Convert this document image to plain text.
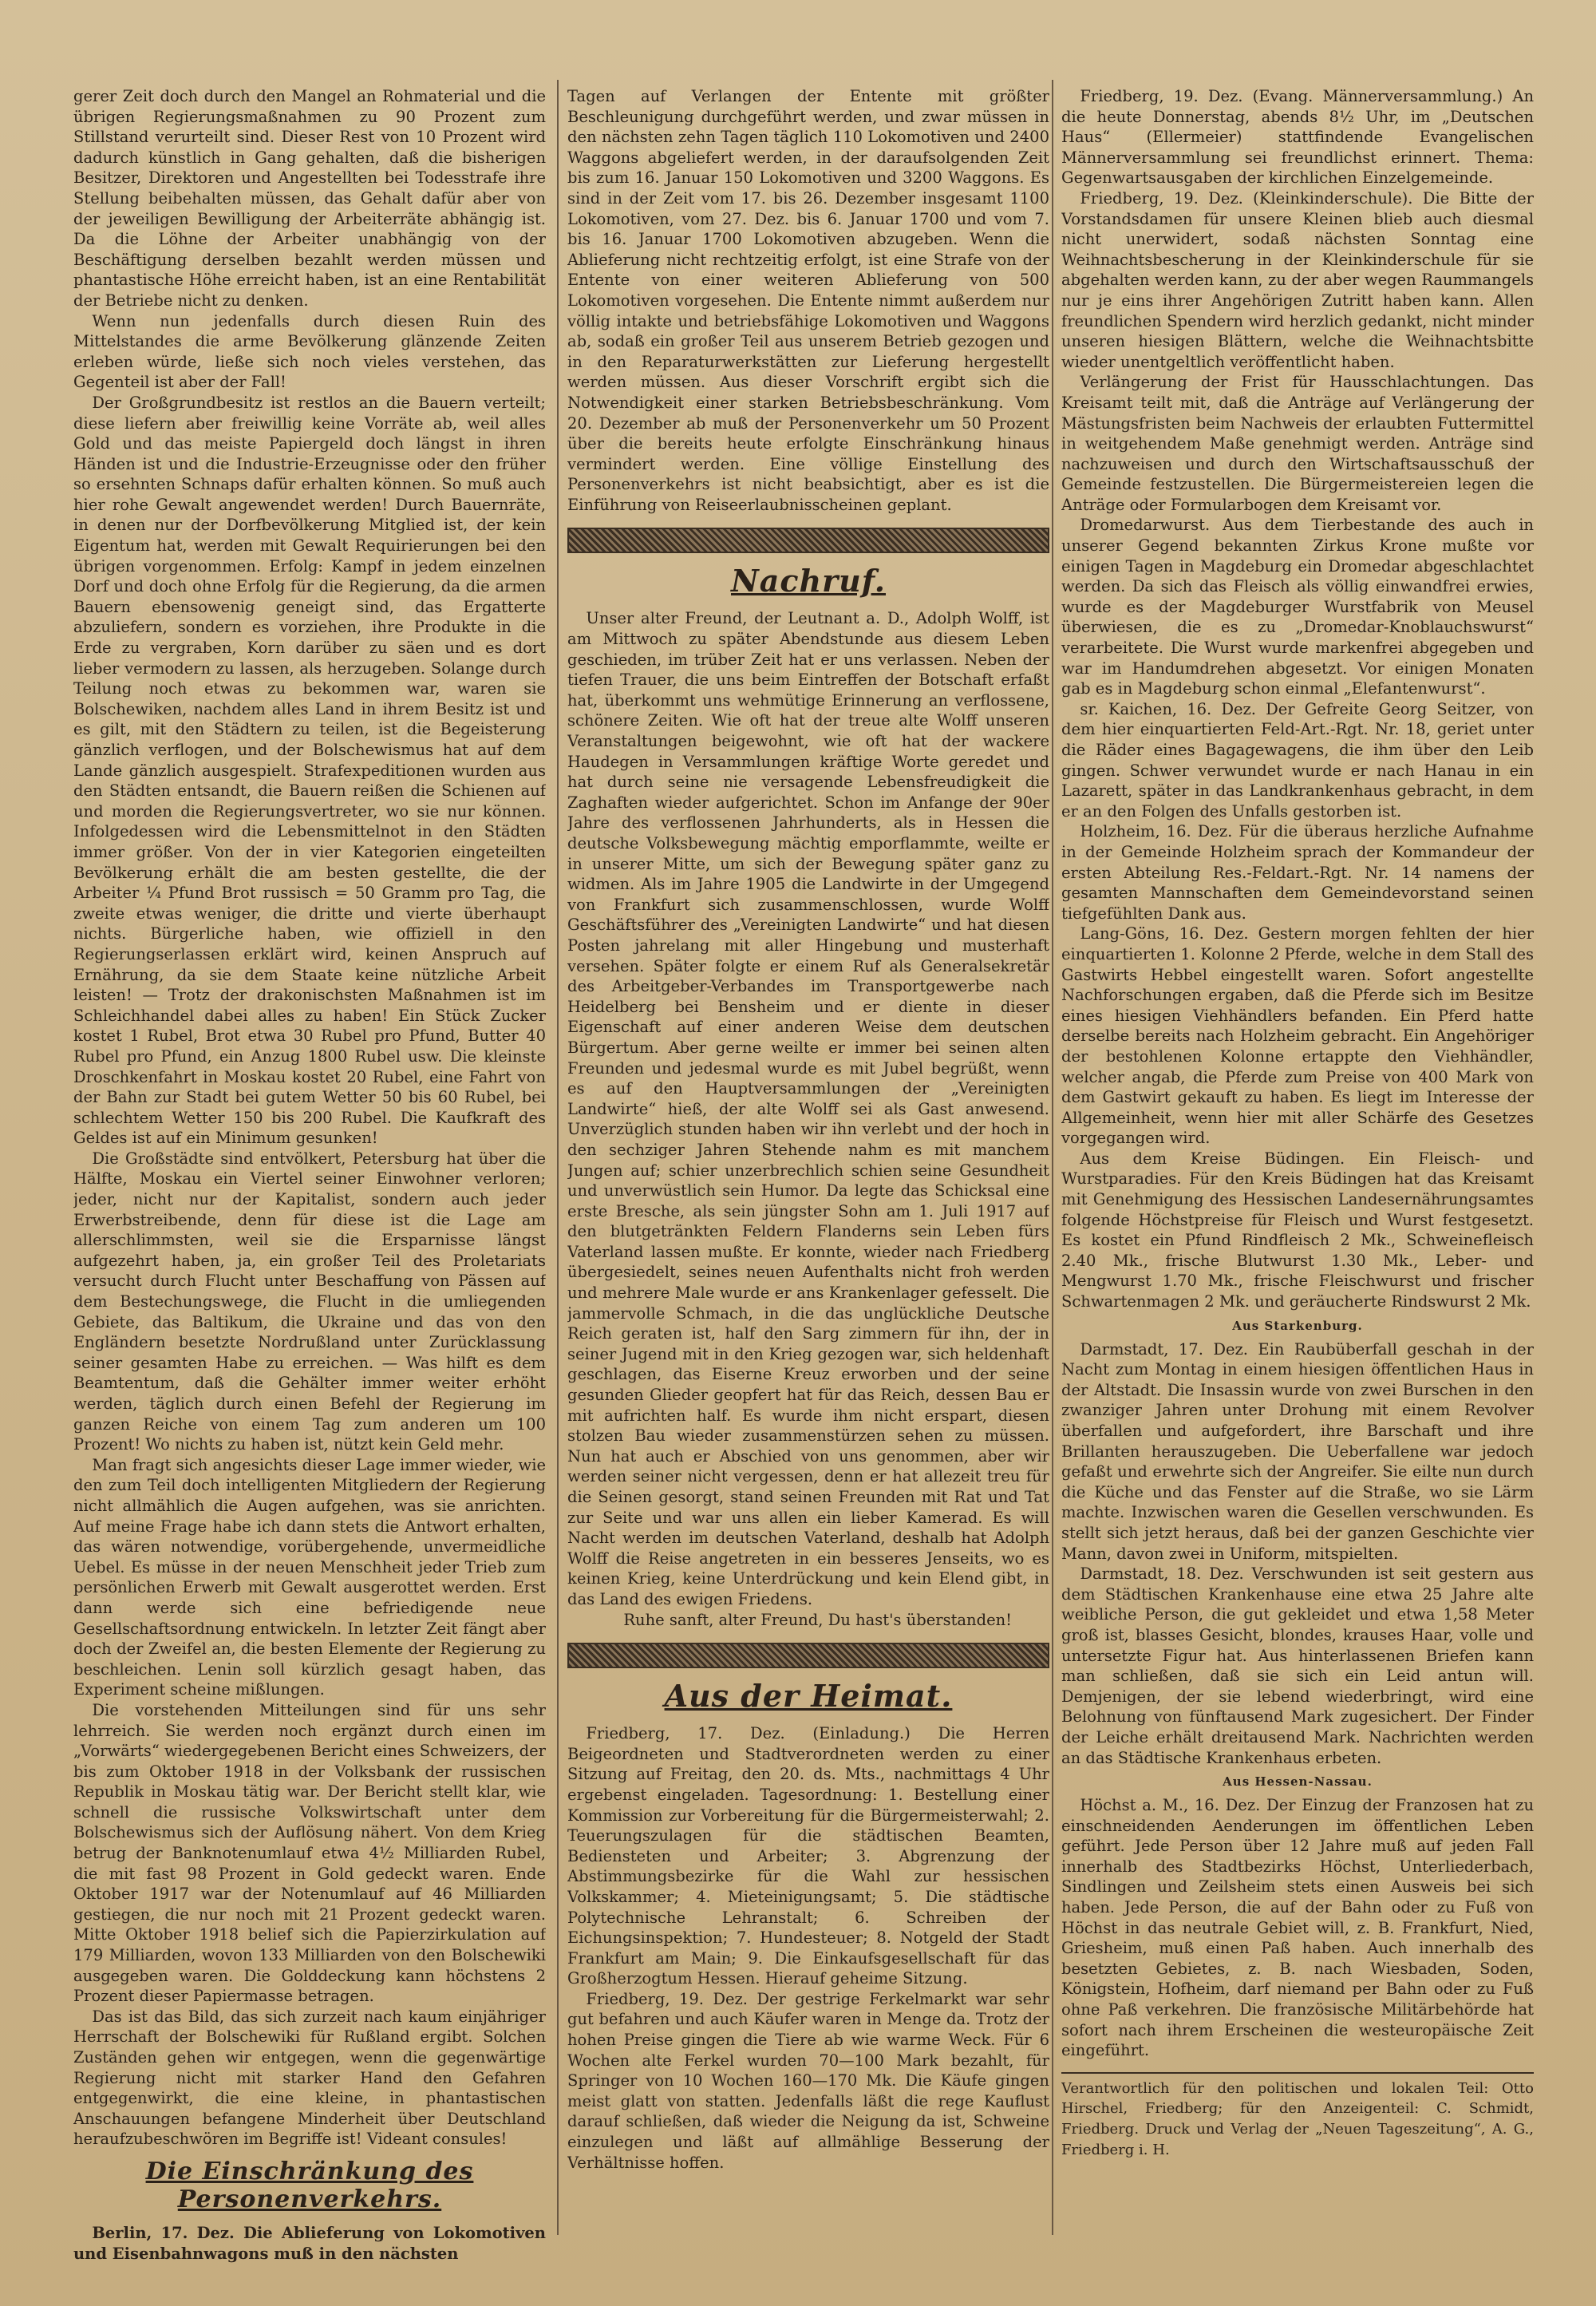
gerer Zeit doch durch den Mangel an Rohmaterial und die übrigen Regierungsmaßnahmen zu 90 Prozent zum Stillstand verurteilt sind. Dieser Rest von 10 Prozent wird dadurch künstlich in Gang gehalten, daß die bisherigen Besitzer, Direktoren und Angestellten bei Todesstrafe ihre Stellung beibehalten müssen, das Gehalt dafür aber von der jeweiligen Bewilligung der Arbeiterräte abhängig ist. Da die Löhne der Arbeiter unabhängig von der Beschäftigung derselben bezahlt werden müssen und phantastische Höhe erreicht haben, ist an eine Rentabilität der Betriebe nicht zu denken.

Wenn nun jedenfalls durch diesen Ruin des Mittelstandes die arme Bevölkerung glänzende Zeiten erleben würde, ließe sich noch vieles verstehen, das Gegenteil ist aber der Fall!

Der Großgrundbesitz ist restlos an die Bauern verteilt; diese liefern aber freiwillig keine Vorräte ab, weil alles Gold und das meiste Papiergeld doch längst in ihren Händen ist und die Industrie-Erzeugnisse oder den früher so ersehnten Schnaps dafür erhalten können. So muß auch hier rohe Gewalt angewendet werden! Durch Bauernräte, in denen nur der Dorfbevölkerung Mitglied ist, der kein Eigentum hat, werden mit Gewalt Requirierungen bei den übrigen vorgenommen. Erfolg: Kampf in jedem einzelnen Dorf und doch ohne Erfolg für die Regierung, da die armen Bauern ebensowenig geneigt sind, das Ergatterte abzuliefern, sondern es vorziehen, ihre Produkte in die Erde zu vergraben, Korn darüber zu säen und es dort lieber vermodern zu lassen, als herzugeben. Solange durch Teilung noch etwas zu bekommen war, waren sie Bolschewiken, nachdem alles Land in ihrem Besitz ist und es gilt, mit den Städtern zu teilen, ist die Begeisterung gänzlich verflogen, und der Bolschewismus hat auf dem Lande gänzlich ausgespielt. Strafexpeditionen wurden aus den Städten entsandt, die Bauern reißen die Schienen auf und morden die Regierungsvertreter, wo sie nur können. Infolgedessen wird die Lebensmittelnot in den Städten immer größer. Von der in vier Kategorien eingeteilten Bevölkerung erhält die am besten gestellte, die der Arbeiter ¼ Pfund Brot russisch = 50 Gramm pro Tag, die zweite etwas weniger, die dritte und vierte überhaupt nichts. Bürgerliche haben, wie offiziell in den Regierungserlassen erklärt wird, keinen Anspruch auf Ernährung, da sie dem Staate keine nützliche Arbeit leisten! — Trotz der drakonischsten Maßnahmen ist im Schleichhandel dabei alles zu haben! Ein Stück Zucker kostet 1 Rubel, Brot etwa 30 Rubel pro Pfund, Butter 40 Rubel pro Pfund, ein Anzug 1800 Rubel usw. Die kleinste Droschkenfahrt in Moskau kostet 20 Rubel, eine Fahrt von der Bahn zur Stadt bei gutem Wetter 50 bis 60 Rubel, bei schlechtem Wetter 150 bis 200 Rubel. Die Kaufkraft des Geldes ist auf ein Minimum gesunken!

Die Großstädte sind entvölkert, Petersburg hat über die Hälfte, Moskau ein Viertel seiner Einwohner verloren; jeder, nicht nur der Kapitalist, sondern auch jeder Erwerbstreibende, denn für diese ist die Lage am allerschlimmsten, weil sie die Ersparnisse längst aufgezehrt haben, ja, ein großer Teil des Proletariats versucht durch Flucht unter Beschaffung von Pässen auf dem Bestechungswege, die Flucht in die umliegenden Gebiete, das Baltikum, die Ukraine und das von den Engländern besetzte Nordrußland unter Zurücklassung seiner gesamten Habe zu erreichen. — Was hilft es dem Beamtentum, daß die Gehälter immer weiter erhöht werden, täglich durch einen Befehl der Regierung im ganzen Reiche von einem Tag zum anderen um 100 Prozent! Wo nichts zu haben ist, nützt kein Geld mehr.

Man fragt sich angesichts dieser Lage immer wieder, wie den zum Teil doch intelligenten Mitgliedern der Regierung nicht allmählich die Augen aufgehen, was sie anrichten. Auf meine Frage habe ich dann stets die Antwort erhalten, das wären notwendige, vorübergehende, unvermeidliche Uebel. Es müsse in der neuen Menschheit jeder Trieb zum persönlichen Erwerb mit Gewalt ausgerottet werden. Erst dann werde sich eine befriedigende neue Gesellschaftsordnung entwickeln. In letzter Zeit fängt aber doch der Zweifel an, die besten Elemente der Regierung zu beschleichen. Lenin soll kürzlich gesagt haben, das Experiment scheine mißlungen.

Die vorstehenden Mitteilungen sind für uns sehr lehrreich. Sie werden noch ergänzt durch einen im „Vorwärts“ wiedergegebenen Bericht eines Schweizers, der bis zum Oktober 1918 in der Volksbank der russischen Republik in Moskau tätig war. Der Bericht stellt klar, wie schnell die russische Volkswirtschaft unter dem Bolschewismus sich der Auflösung nähert. Von dem Krieg betrug der Banknotenumlauf etwa 4½ Milliarden Rubel, die mit fast 98 Prozent in Gold gedeckt waren. Ende Oktober 1917 war der Notenumlauf auf 46 Milliarden gestiegen, die nur noch mit 21 Prozent gedeckt waren. Mitte Oktober 1918 belief sich die Papierzirkulation auf 179 Milliarden, wovon 133 Milliarden von den Bolschewiki ausgegeben waren. Die Golddeckung kann höchstens 2 Prozent dieser Papiermasse betragen.

Das ist das Bild, das sich zurzeit nach kaum einjähriger Herrschaft der Bolschewiki für Rußland ergibt. Solchen Zuständen gehen wir entgegen, wenn die gegenwärtige Regierung nicht mit starker Hand den Gefahren entgegenwirkt, die eine kleine, in phantastischen Anschauungen befangene Minderheit über Deutschland heraufzubeschwören im Begriffe ist! Videant consules!

Die Einschränkung des Personenverkehrs.

Berlin, 17. Dez. Die Ablieferung von Lokomotiven und Eisenbahnwagons muß in den nächsten

Tagen auf Verlangen der Entente mit größter Beschleunigung durchgeführt werden, und zwar müssen in den nächsten zehn Tagen täglich 110 Lokomotiven und 2400 Waggons abgeliefert werden, in der daraufsolgenden Zeit bis zum 16. Januar 150 Lokomotiven und 3200 Waggons. Es sind in der Zeit vom 17. bis 26. Dezember insgesamt 1100 Lokomotiven, vom 27. Dez. bis 6. Januar 1700 und vom 7. bis 16. Januar 1700 Lokomotiven abzugeben. Wenn die Ablieferung nicht rechtzeitig erfolgt, ist eine Strafe von der Entente von einer weiteren Ablieferung von 500 Lokomotiven vorgesehen. Die Entente nimmt außerdem nur völlig intakte und betriebsfähige Lokomotiven und Waggons ab, sodaß ein großer Teil aus unserem Betrieb gezogen und in den Reparaturwerkstätten zur Lieferung hergestellt werden müssen. Aus dieser Vorschrift ergibt sich die Notwendigkeit einer starken Betriebsbeschränkung. Vom 20. Dezember ab muß der Personenverkehr um 50 Prozent über die bereits heute erfolgte Einschränkung hinaus vermindert werden. Eine völlige Einstellung des Personenverkehrs ist nicht beabsichtigt, aber es ist die Einführung von Reiseerlaubnisscheinen geplant.

Nachruf.

Unser alter Freund, der Leutnant a. D., Adolph Wolff, ist am Mittwoch zu später Abendstunde aus diesem Leben geschieden, im trüber Zeit hat er uns verlassen. Neben der tiefen Trauer, die uns beim Eintreffen der Botschaft erfaßt hat, überkommt uns wehmütige Erinnerung an verflossene, schönere Zeiten. Wie oft hat der treue alte Wolff unseren Veranstaltungen beigewohnt, wie oft hat der wackere Haudegen in Versammlungen kräftige Worte geredet und hat durch seine nie versagende Lebensfreudigkeit die Zaghaften wieder aufgerichtet. Schon im Anfange der 90er Jahre des verflossenen Jahrhunderts, als in Hessen die deutsche Volksbewegung mächtig emporflammte, weilte er in unserer Mitte, um sich der Bewegung später ganz zu widmen. Als im Jahre 1905 die Landwirte in der Umgegend von Frankfurt sich zusammenschlossen, wurde Wolff Geschäftsführer des „Vereinigten Landwirte“ und hat diesen Posten jahrelang mit aller Hingebung und musterhaft versehen. Später folgte er einem Ruf als Generalsekretär des Arbeitgeber-Verbandes im Transportgewerbe nach Heidelberg bei Bensheim und er diente in dieser Eigenschaft auf einer anderen Weise dem deutschen Bürgertum. Aber gerne weilte er immer bei seinen alten Freunden und jedesmal wurde es mit Jubel begrüßt, wenn es auf den Hauptversammlungen der „Vereinigten Landwirte“ hieß, der alte Wolff sei als Gast anwesend. Unverzüglich stunden haben wir ihn verlebt und der hoch in den sechziger Jahren Stehende nahm es mit manchem Jungen auf; schier unzerbrechlich schien seine Gesundheit und unverwüstlich sein Humor. Da legte das Schicksal eine erste Bresche, als sein jüngster Sohn am 1. Juli 1917 auf den blutgetränkten Feldern Flanderns sein Leben fürs Vaterland lassen mußte. Er konnte, wieder nach Friedberg übergesiedelt, seines neuen Aufenthalts nicht froh werden und mehrere Male wurde er ans Krankenlager gefesselt. Die jammervolle Schmach, in die das unglückliche Deutsche Reich geraten ist, half den Sarg zimmern für ihn, der in seiner Jugend mit in den Krieg gezogen war, sich heldenhaft geschlagen, das Eiserne Kreuz erworben und der seine gesunden Glieder geopfert hat für das Reich, dessen Bau er mit aufrichten half. Es wurde ihm nicht erspart, diesen stolzen Bau wieder zusammenstürzen sehen zu müssen. Nun hat auch er Abschied von uns genommen, aber wir werden seiner nicht vergessen, denn er hat allezeit treu für die Seinen gesorgt, stand seinen Freunden mit Rat und Tat zur Seite und war uns allen ein lieber Kamerad. Es will Nacht werden im deutschen Vaterland, deshalb hat Adolph Wolff die Reise angetreten in ein besseres Jenseits, wo es keinen Krieg, keine Unterdrückung und kein Elend gibt, in das Land des ewigen Friedens.

Ruhe sanft, alter Freund, Du hast's überstanden!

Aus der Heimat.

Friedberg, 17. Dez. (Einladung.) Die Herren Beigeordneten und Stadtverordneten werden zu einer Sitzung auf Freitag, den 20. ds. Mts., nachmittags 4 Uhr ergebenst eingeladen. Tagesordnung: 1. Bestellung einer Kommission zur Vorbereitung für die Bürgermeisterwahl; 2. Teuerungszulagen für die städtischen Beamten, Bediensteten und Arbeiter; 3. Abgrenzung der Abstimmungsbezirke für die Wahl zur hessischen Volkskammer; 4. Mieteinigungsamt; 5. Die städtische Polytechnische Lehranstalt; 6. Schreiben der Eichungsinspektion; 7. Hundesteuer; 8. Notgeld der Stadt Frankfurt am Main; 9. Die Einkaufsgesellschaft für das Großherzogtum Hessen. Hierauf geheime Sitzung.

Friedberg, 19. Dez. Der gestrige Ferkelmarkt war sehr gut befahren und auch Käufer waren in Menge da. Trotz der hohen Preise gingen die Tiere ab wie warme Weck. Für 6 Wochen alte Ferkel wurden 70—100 Mark bezahlt, für Springer von 10 Wochen 160—170 Mk. Die Käufe gingen meist glatt von statten. Jedenfalls läßt die rege Kauflust darauf schließen, daß wieder die Neigung da ist, Schweine einzulegen und läßt auf allmählige Besserung der Verhältnisse hoffen.

Friedberg, 19. Dez. (Evang. Männerversammlung.) An die heute Donnerstag, abends 8½ Uhr, im „Deutschen Haus“ (Ellermeier) stattfindende Evangelischen Männerversammlung sei freundlichst erinnert. Thema: Gegenwartsausgaben der kirchlichen Einzelgemeinde.

Friedberg, 19. Dez. (Kleinkinderschule). Die Bitte der Vorstandsdamen für unsere Kleinen blieb auch diesmal nicht unerwidert, sodaß nächsten Sonntag eine Weihnachtsbescherung in der Kleinkinderschule für sie abgehalten werden kann, zu der aber wegen Raummangels nur je eins ihrer Angehörigen Zutritt haben kann. Allen freundlichen Spendern wird herzlich gedankt, nicht minder unseren hiesigen Blättern, welche die Weihnachtsbitte wieder unentgeltlich veröffentlicht haben.

Verlängerung der Frist für Hausschlachtungen. Das Kreisamt teilt mit, daß die Anträge auf Verlängerung der Mästungsfristen beim Nachweis der erlaubten Futtermittel in weitgehendem Maße genehmigt werden. Anträge sind nachzuweisen und durch den Wirtschaftsausschuß der Gemeinde festzustellen. Die Bürgermeistereien legen die Anträge oder Formularbogen dem Kreisamt vor.

Dromedarwurst. Aus dem Tierbestande des auch in unserer Gegend bekannten Zirkus Krone mußte vor einigen Tagen in Magdeburg ein Dromedar abgeschlachtet werden. Da sich das Fleisch als völlig einwandfrei erwies, wurde es der Magdeburger Wurstfabrik von Meusel überwiesen, die es zu „Dromedar-Knoblauchswurst“ verarbeitete. Die Wurst wurde markenfrei abgegeben und war im Handumdrehen abgesetzt. Vor einigen Monaten gab es in Magdeburg schon einmal „Elefantenwurst“.

sr. Kaichen, 16. Dez. Der Gefreite Georg Seitzer, von dem hier einquartierten Feld-Art.-Rgt. Nr. 18, geriet unter die Räder eines Bagagewagens, die ihm über den Leib gingen. Schwer verwundet wurde er nach Hanau in ein Lazarett, später in das Landkrankenhaus gebracht, in dem er an den Folgen des Unfalls gestorben ist.

Holzheim, 16. Dez. Für die überaus herzliche Aufnahme in der Gemeinde Holzheim sprach der Kommandeur der ersten Abteilung Res.-Feldart.-Rgt. Nr. 14 namens der gesamten Mannschaften dem Gemeindevorstand seinen tiefgefühlten Dank aus.

Lang-Göns, 16. Dez. Gestern morgen fehlten der hier einquartierten 1. Kolonne 2 Pferde, welche in dem Stall des Gastwirts Hebbel eingestellt waren. Sofort angestellte Nachforschungen ergaben, daß die Pferde sich im Besitze eines hiesigen Viehhändlers befanden. Ein Pferd hatte derselbe bereits nach Holzheim gebracht. Ein Angehöriger der bestohlenen Kolonne ertappte den Viehhändler, welcher angab, die Pferde zum Preise von 400 Mark von dem Gastwirt gekauft zu haben. Es liegt im Interesse der Allgemeinheit, wenn hier mit aller Schärfe des Gesetzes vorgegangen wird.

Aus dem Kreise Büdingen. Ein Fleisch- und Wurstparadies. Für den Kreis Büdingen hat das Kreisamt mit Genehmigung des Hessischen Landesernährungsamtes folgende Höchstpreise für Fleisch und Wurst festgesetzt. Es kostet ein Pfund Rindfleisch 2 Mk., Schweinefleisch 2.40 Mk., frische Blutwurst 1.30 Mk., Leber- und Mengwurst 1.70 Mk., frische Fleischwurst und frischer Schwartenmagen 2 Mk. und geräucherte Rindswurst 2 Mk.

Aus Starkenburg.

Darmstadt, 17. Dez. Ein Raubüberfall geschah in der Nacht zum Montag in einem hiesigen öffentlichen Haus in der Altstadt. Die Insassin wurde von zwei Burschen in den zwanziger Jahren unter Drohung mit einem Revolver überfallen und aufgefordert, ihre Barschaft und ihre Brillanten herauszugeben. Die Ueberfallene war jedoch gefaßt und erwehrte sich der Angreifer. Sie eilte nun durch die Küche und das Fenster auf die Straße, wo sie Lärm machte. Inzwischen waren die Gesellen verschwunden. Es stellt sich jetzt heraus, daß bei der ganzen Geschichte vier Mann, davon zwei in Uniform, mitspielten.

Darmstadt, 18. Dez. Verschwunden ist seit gestern aus dem Städtischen Krankenhause eine etwa 25 Jahre alte weibliche Person, die gut gekleidet und etwa 1,58 Meter groß ist, blasses Gesicht, blondes, krauses Haar, volle und untersetzte Figur hat. Aus hinterlassenen Briefen kann man schließen, daß sie sich ein Leid antun will. Demjenigen, der sie lebend wiederbringt, wird eine Belohnung von fünftausend Mark zugesichert. Der Finder der Leiche erhält dreitausend Mark. Nachrichten werden an das Städtische Krankenhaus erbeten.

Aus Hessen-Nassau.

Höchst a. M., 16. Dez. Der Einzug der Franzosen hat zu einschneidenden Aenderungen im öffentlichen Leben geführt. Jede Person über 12 Jahre muß auf jeden Fall innerhalb des Stadtbezirks Höchst, Unterliederbach, Sindlingen und Zeilsheim stets einen Ausweis bei sich haben. Jede Person, die auf der Bahn oder zu Fuß von Höchst in das neutrale Gebiet will, z. B. Frankfurt, Nied, Griesheim, muß einen Paß haben. Auch innerhalb des besetzten Gebietes, z. B. nach Wiesbaden, Soden, Königstein, Hofheim, darf niemand per Bahn oder zu Fuß ohne Paß verkehren. Die französische Militärbehörde hat sofort nach ihrem Erscheinen die westeuropäische Zeit eingeführt.

Verantwortlich für den politischen und lokalen Teil: Otto Hirschel, Friedberg; für den Anzeigenteil: C. Schmidt, Friedberg. Druck und Verlag der „Neuen Tageszeitung“, A. G., Friedberg i. H.
